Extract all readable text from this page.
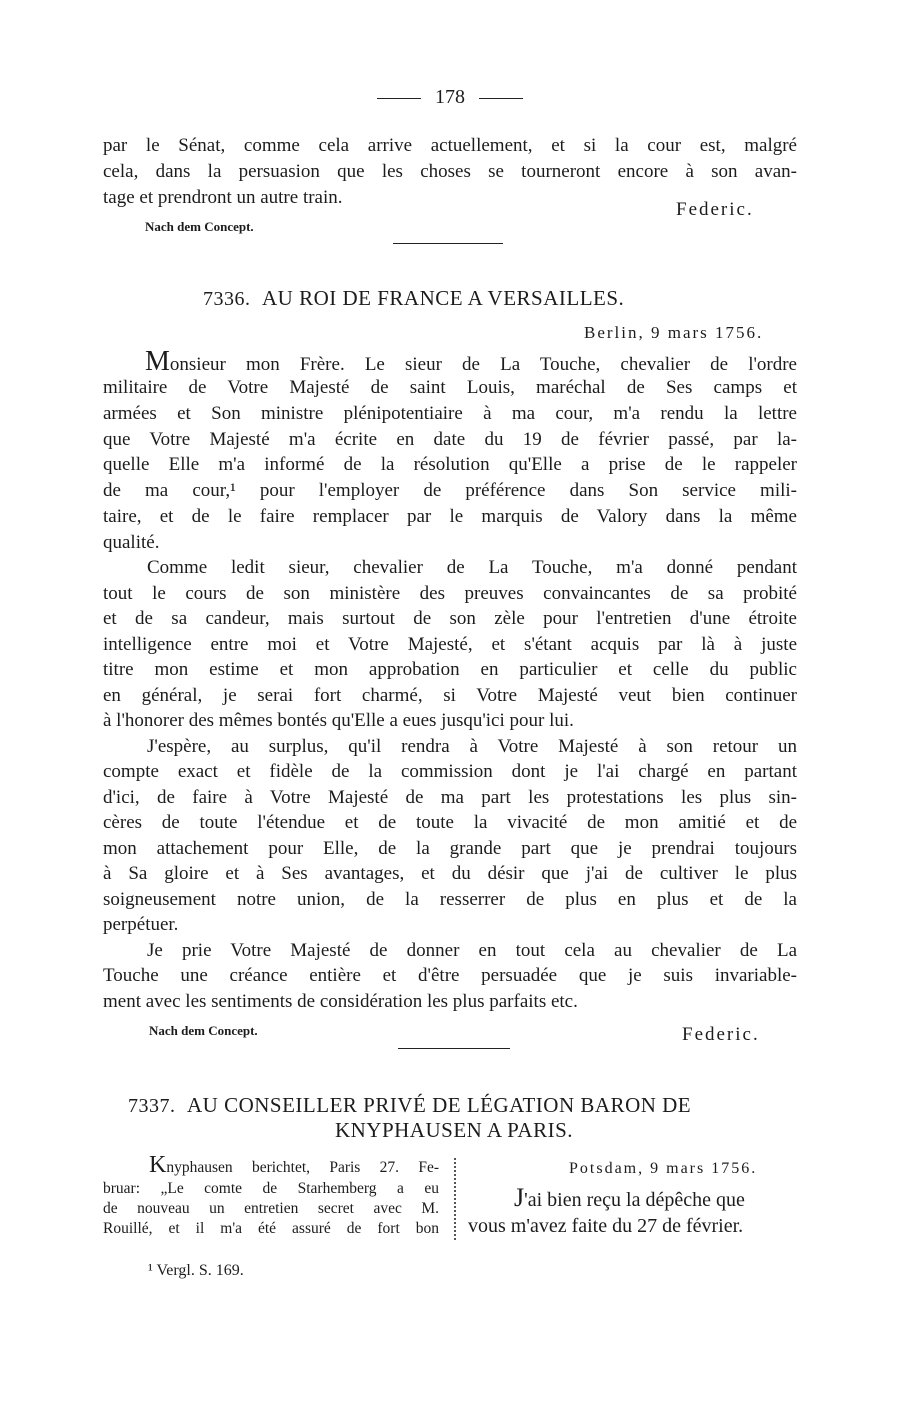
178
par le Sénat, comme cela arrive actuellement, et si la cour est, malgré
cela, dans la persuasion que les choses se tourneront encore à son avan-
tage et prendront un autre train.
Nach dem Concept.
Federic.
7336. AU ROI DE FRANCE A VERSAILLES.
Berlin, 9 mars 1756.
Monsieur mon Frère. Le sieur de La Touche, chevalier de l'ordre
militaire de Votre Majesté de saint Louis, maréchal de Ses camps et
armées et Son ministre plénipotentiaire à ma cour, m'a rendu la lettre
que Votre Majesté m'a écrite en date du 19 de février passé, par la-
quelle Elle m'a informé de la résolution qu'Elle a prise de le rappeler
de ma cour,¹ pour l'employer de préférence dans Son service mili-
taire, et de le faire remplacer par le marquis de Valory dans la même
qualité.
Comme ledit sieur, chevalier de La Touche, m'a donné pendant
tout le cours de son ministère des preuves convaincantes de sa probité
et de sa candeur, mais surtout de son zèle pour l'entretien d'une étroite
intelligence entre moi et Votre Majesté, et s'étant acquis par là à juste
titre mon estime et mon approbation en particulier et celle du public
en général, je serai fort charmé, si Votre Majesté veut bien continuer
à l'honorer des mêmes bontés qu'Elle a eues jusqu'ici pour lui.
J'espère, au surplus, qu'il rendra à Votre Majesté à son retour un
compte exact et fidèle de la commission dont je l'ai chargé en partant
d'ici, de faire à Votre Majesté de ma part les protestations les plus sin-
cères de toute l'étendue et de toute la vivacité de mon amitié et de
mon attachement pour Elle, de la grande part que je prendrai toujours
à Sa gloire et à Ses avantages, et du désir que j'ai de cultiver le plus
soigneusement notre union, de la resserrer de plus en plus et de la
perpétuer.
Je prie Votre Majesté de donner en tout cela au chevalier de La
Touche une créance entière et d'être persuadée que je suis invariable-
ment avec les sentiments de considération les plus parfaits etc.
Nach dem Concept.	Federic.
7337. AU CONSEILLER PRIVÉ DE LÉGATION BARON DE
KNYPHAUSEN A PARIS.
Knyphausen berichtet, Paris 27. Fe-
bruar: „Le comte de Starhemberg a eu
de nouveau un entretien secret avec M.
Rouillé, et il m'a été assuré de fort bon
Potsdam, 9 mars 1756.
J'ai bien reçu la dépêche que
vous m'avez faite du 27 de février.
¹ Vergl. S. 169.
